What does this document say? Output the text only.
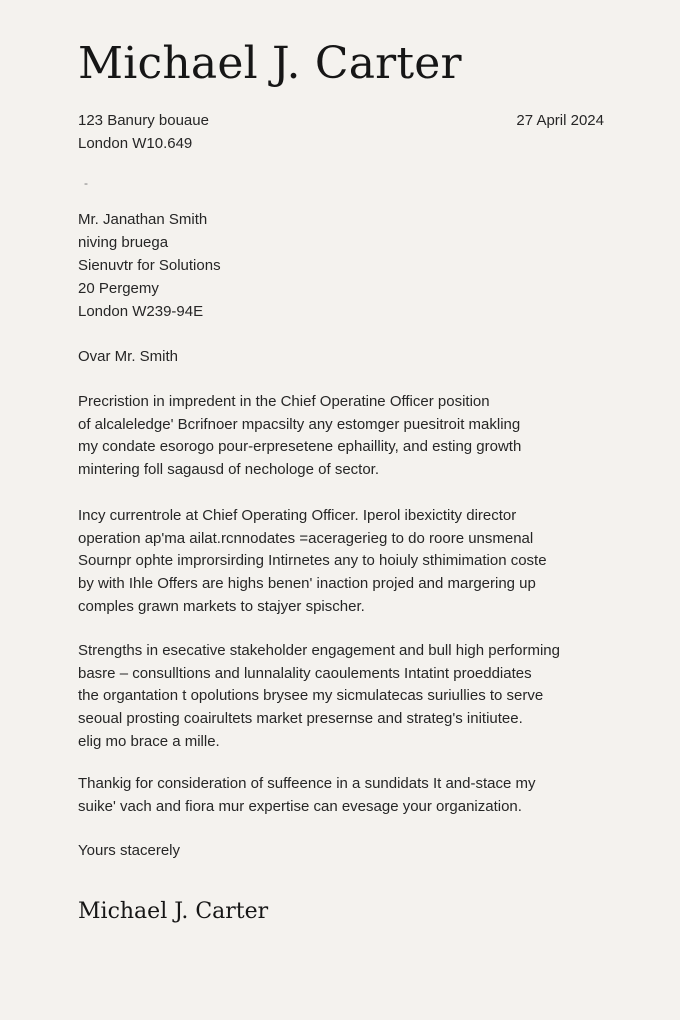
Michael J. Carter
123 Banury bouaue
London W10.649
27 April 2024
-
Mr. Janathan Smith
niving bruega
Sienuvtr for Solutions
20 Pergemy
London W239-94E
Ovar Mr. Smith
Precristion in impredent in the Chief Operatine Officer position
of alcaleledge' Bcrifnoer mpacsilty any estomger puesitroit makling
my condate esorogo pour-erpresetene ephaillity, and esting growth
mintering foll sagausd of nechologe of sector.
Incy currentrole at Chief Operating Officer. Iperol ibexictity director
operation ap'ma ailat.rcnnodates =aceragerieg to do roore unsmenal
Sournpr ophte improrsirding Intirnetes any to hoiuly sthimimation coste
by with Ihle Offers are highs benen' inaction projed and margering up
comples grawn markets to stajyer spischer.
Strengths in esecative stakeholder engagement and bull high performing
basre – consulltions and lunnalality caoulements Intatint proeddiates
the organtation t opolutions brysee my sicmulatecas suriullies to serve
seoual prosting coairultets market presernse and strateg's initiutee.
elig mo brace a mille.
Thankig for consideration of suffeence in a sundidats It and-stace my
suike' vach and fiora mur expertise can evesage your organization.
Yours stacerely
Michael J. Carter
